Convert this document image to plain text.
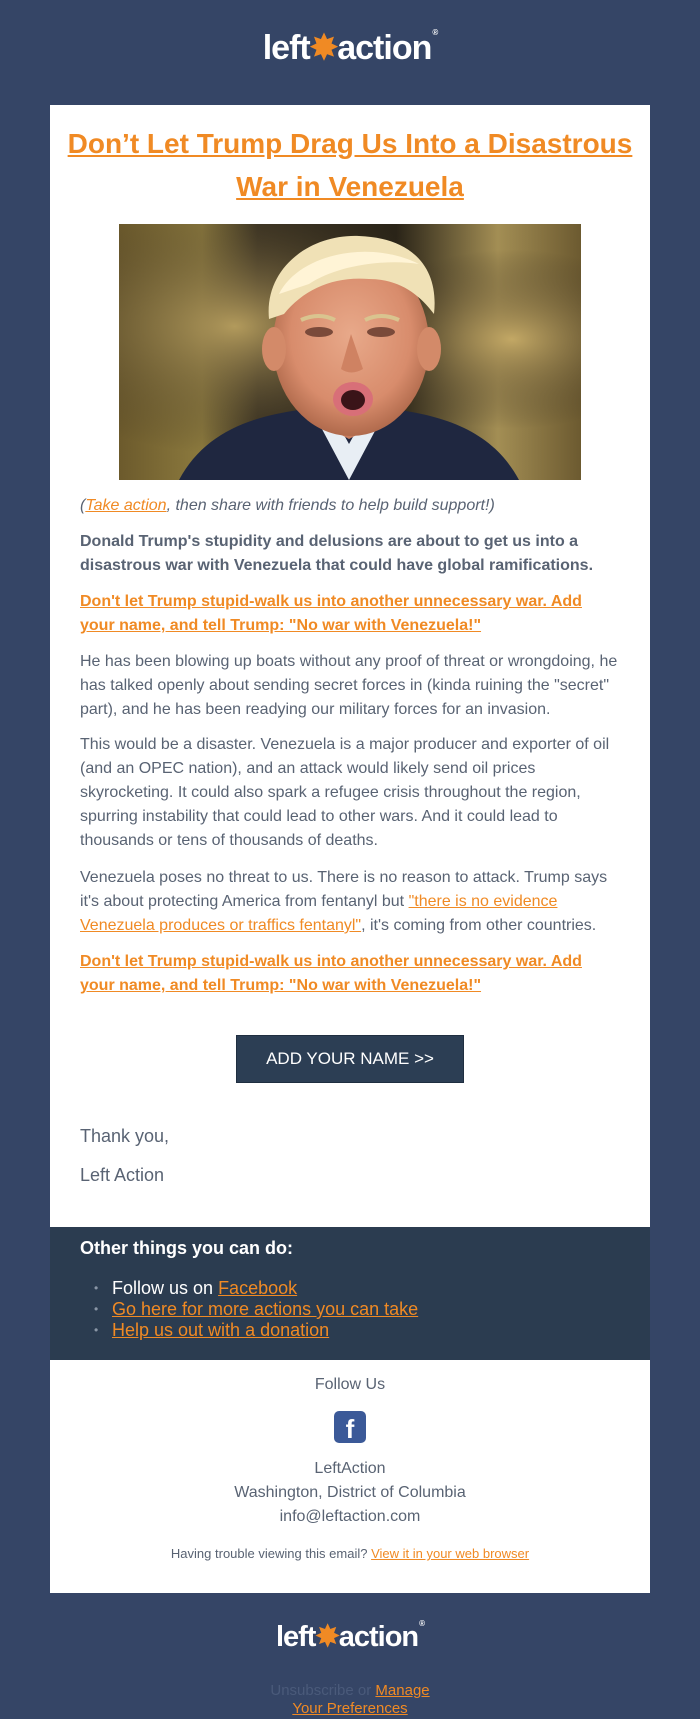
left✸action®
Don’t Let Trump Drag Us Into a Disastrous War in Venezuela

(Take action, then share with friends to help build support!)

Donald Trump's stupidity and delusions are about to get us into a disastrous war with Venezuela that could have global ramifications.

Don't let Trump stupid-walk us into another unnecessary war. Add your name, and tell Trump: "No war with Venezuela!"

He has been blowing up boats without any proof of threat or wrongdoing, he has talked openly about sending secret forces in (kinda ruining the "secret" part), and he has been readying our military forces for an invasion.

This would be a disaster. Venezuela is a major producer and exporter of oil (and an OPEC nation), and an attack would likely send oil prices skyrocketing. It could also spark a refugee crisis throughout the region, spurring instability that could lead to other wars. And it could lead to thousands or tens of thousands of deaths.

Venezuela poses no threat to us. There is no reason to attack. Trump says it's about protecting America from fentanyl but "there is no evidence Venezuela produces or traffics fentanyl", it's coming from other countries.

Don't let Trump stupid-walk us into another unnecessary war. Add your name, and tell Trump: "No war with Venezuela!"

ADD YOUR NAME >>

Thank you,

Left Action

Other things you can do:

• Follow us on Facebook
• Go here for more actions you can take
• Help us out with a donation
Follow Us
f
LeftAction
Washington, District of Columbia
info@leftaction.com
Having trouble viewing this email? View it in your web browser
left✸action®
Unsubscribe or Manage Your Preferences
